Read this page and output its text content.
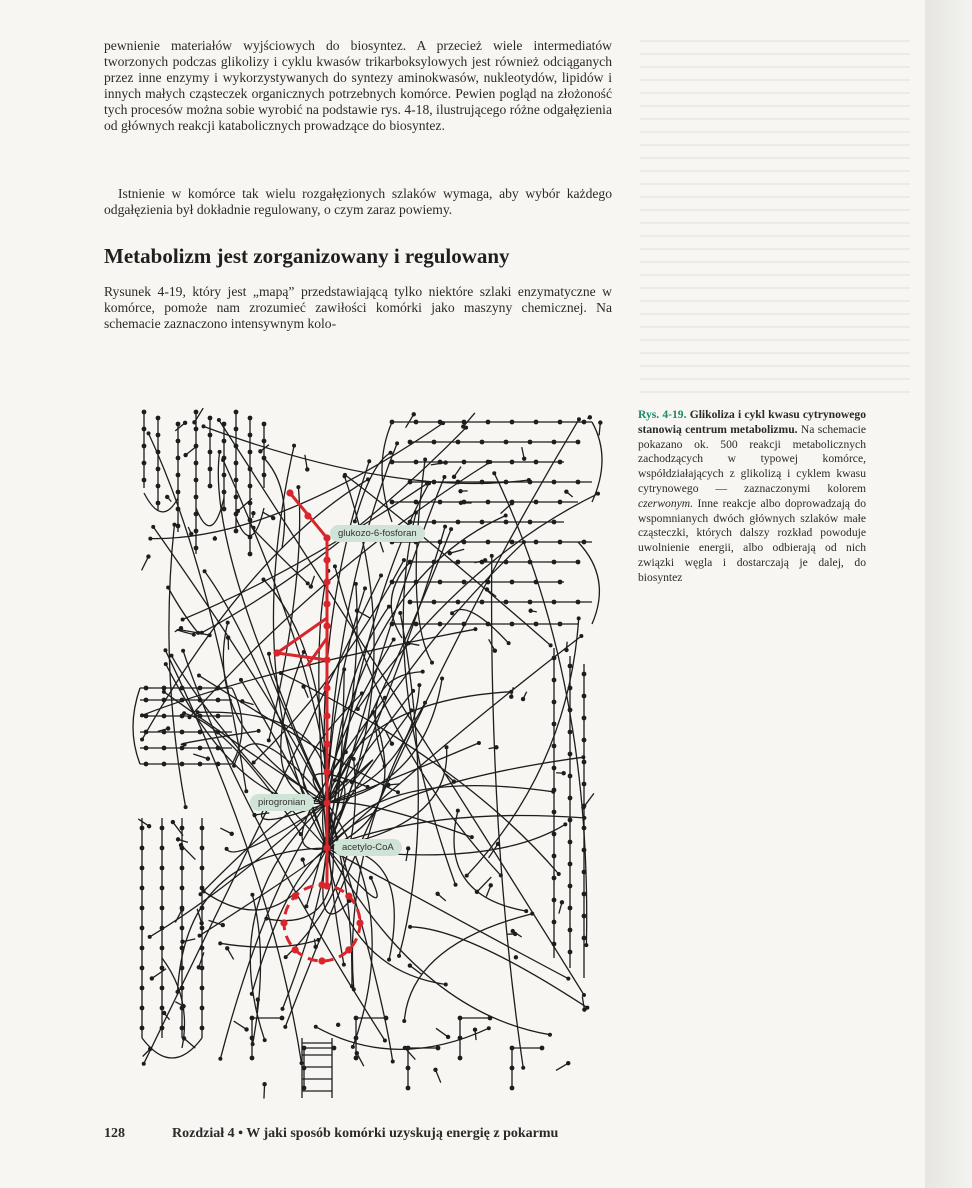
pewnienie materiałów wyjściowych do biosyntez. A przecież wiele intermediatów tworzonych podczas glikolizy i cyklu kwasów trikarboksylowych jest również odciąganych przez inne enzymy i wykorzystywanych do syntezy aminokwasów, nukleotydów, lipidów i innych małych cząsteczek organicznych potrzebnych komórce. Pewien pogląd na złożoność tych procesów można sobie wyrobić na podstawie rys. 4-18, ilustrującego różne odgałęzienia od głównych reakcji katabolicznych prowadzące do biosyntez.
Istnienie w komórce tak wielu rozgałęzionych szlaków wymaga, aby wybór każdego odgałęzienia był dokładnie regulowany, o czym zaraz powiemy.
Metabolizm jest zorganizowany i regulowany
Rysunek 4-19, który jest „mapą” przedstawiającą tylko niektóre szlaki enzymatyczne w komórce, pomoże nam zrozumieć zawiłości komórki jako maszyny chemicznej. Na schemacie zaznaczono intensywnym kolo-
glukozo-6-fosforan
pirogronian
acetylo-CoA
Rys. 4-19. Glikoliza i cykl kwasu cytrynowego stanowią centrum metabolizmu. Na schemacie pokazano ok. 500 reakcji metabolicznych zachodzących w typowej komórce, współdziałających z glikolizą i cyklem kwasu cytrynowego — zaznaczonymi kolorem czerwonym. Inne reakcje albo doprowadzają do wspomnianych dwóch głównych szlaków małe cząsteczki, których dalszy rozkład powoduje uwolnienie energii, albo odbierają od nich związki węgla i dostarczają je dalej, do biosyntez
128	Rozdział 4 • W jaki sposób komórki uzyskują energię z pokarmu
